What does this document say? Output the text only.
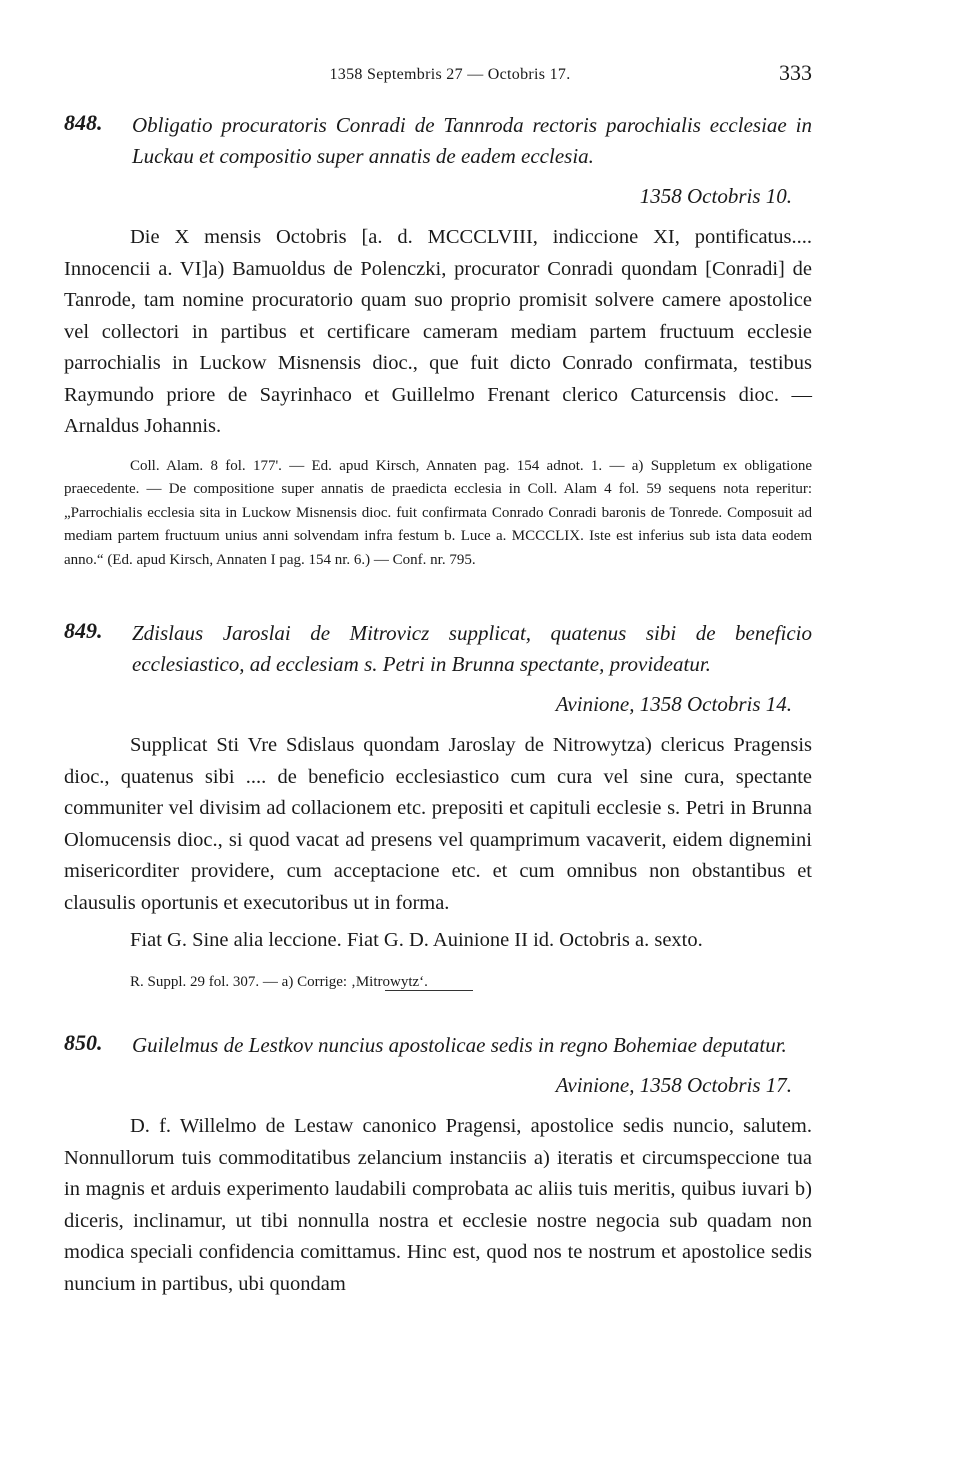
1358 Septembris 27 — Octobris 17.	333
848. Obligatio procuratoris Conradi de Tannroda rectoris parochialis ecclesiae in Luckau et compositio super annatis de eadem ecclesia.
1358 Octobris 10.

Die X mensis Octobris [a. d. MCCCLVIII, indiccione XI, pontificatus.... Innocencii a. VI]a) Bamuoldus de Polenczki, procurator Conradi quondam [Conradi] de Tanrode, tam nomine procuratorio quam suo proprio promisit solvere camere apostolice vel collectori in partibus et certificare cameram mediam partem fructuum ecclesie parrochialis in Luckow Misnensis dioc., que fuit dicto Conrado confirmata, testibus Raymundo priore de Sayrinhaco et Guillelmo Frenant clerico Caturcensis dioc. — Arnaldus Johannis.

Coll. Alam. 8 fol. 177'. — Ed. apud Kirsch, Annaten pag. 154 adnot. 1. — a) Suppletum ex obligatione praecedente. — De compositione super annatis de praedicta ecclesia in Coll. Alam 4 fol. 59 sequens nota reperitur: „Parrochialis ecclesia sita in Luckow Misnensis dioc. fuit confirmata Conrado Conradi baronis de Tonrede. Composuit ad mediam partem fructuum unius anni solvendam infra festum b. Luce a. MCCCLIX. Iste est inferius sub ista data eodem anno.“ (Ed. apud Kirsch, Annaten I pag. 154 nr. 6.) — Conf. nr. 795.

849. Zdislaus Jaroslai de Mitrovicz supplicat, quatenus sibi de beneficio ecclesiastico, ad ecclesiam s. Petri in Brunna spectante, provideatur.
Avinione, 1358 Octobris 14.

Supplicat Sti Vre Sdislaus quondam Jaroslay de Nitrowytza) clericus Pragensis dioc., quatenus sibi .... de beneficio ecclesiastico cum cura vel sine cura, spectante communiter vel divisim ad collacionem etc. prepositi et capituli ecclesie s. Petri in Brunna Olomucensis dioc., si quod vacat ad presens vel quamprimum vacaverit, eidem dignemini misericorditer providere, cum acceptacione etc. et cum omnibus non obstantibus et clausulis oportunis et executoribus ut in forma.

Fiat G. Sine alia leccione. Fiat G. D. Auinione II id. Octobris a. sexto.

R. Suppl. 29 fol. 307. — a) Corrige: ‚Mitrowytz‘.

850. Guilelmus de Lestkov nuncius apostolicae sedis in regno Bohemiae deputatur.
Avinione, 1358 Octobris 17.

D. f. Willelmo de Lestaw canonico Pragensi, apostolice sedis nuncio, salutem. Nonnullorum tuis commoditatibus zelancium instanciis a) iteratis et circumspeccione tua in magnis et arduis experimento laudabili comprobata ac aliis tuis meritis, quibus iuvari b) diceris, inclinamur, ut tibi nonnulla nostra et ecclesie nostre negocia sub quadam non modica speciali confidencia comittamus. Hinc est, quod nos te nostrum et apostolice sedis nuncium in partibus, ubi quondam
